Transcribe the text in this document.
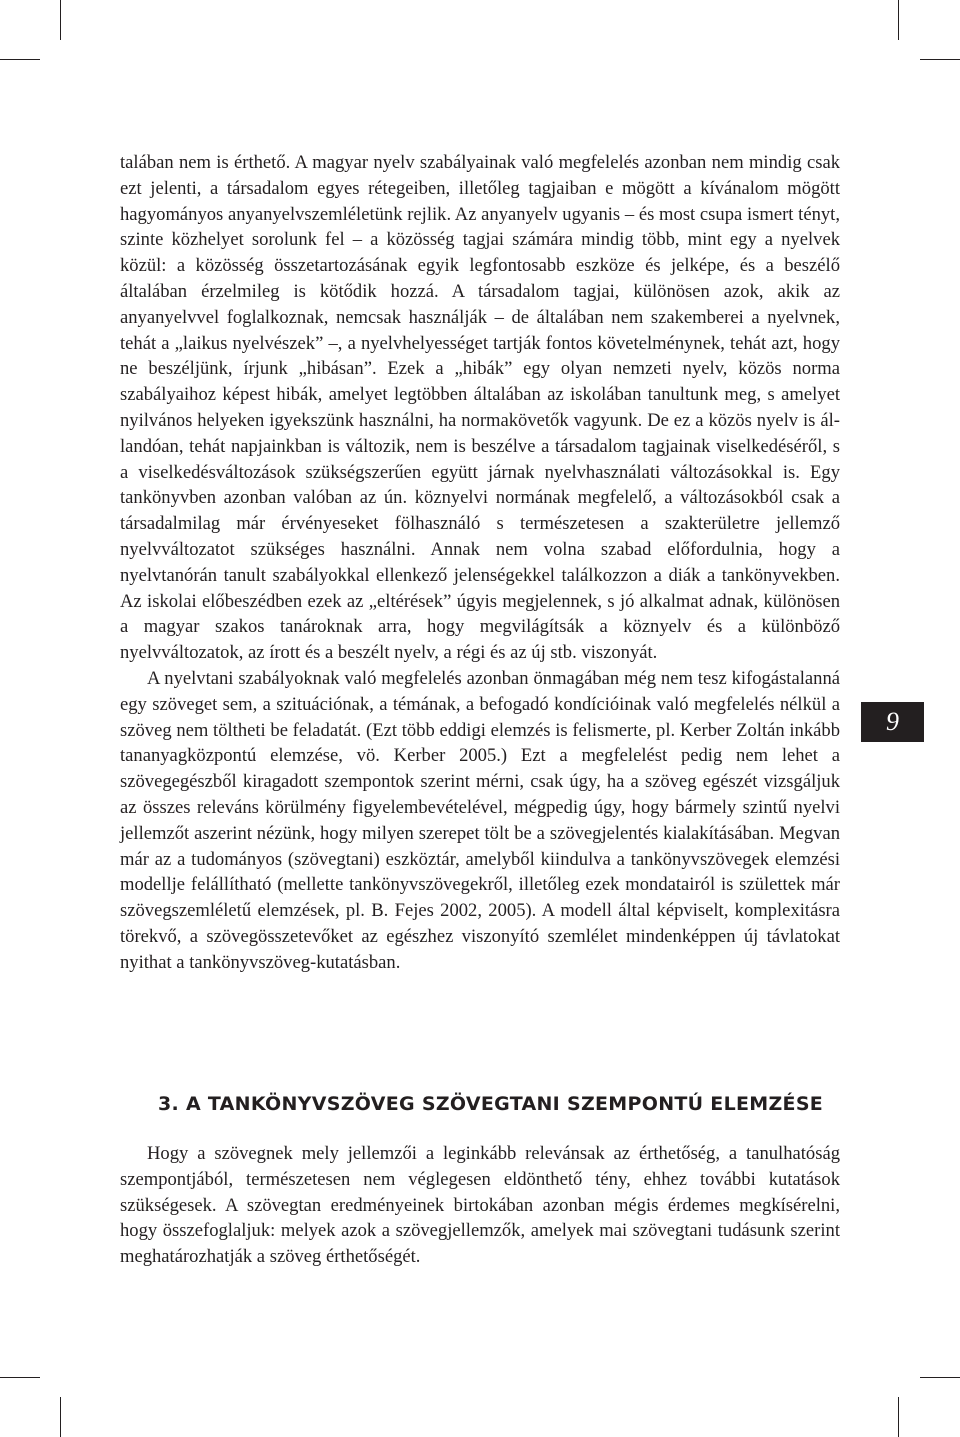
talában nem is érthető. A magyar nyelv szabályainak való megfelelés azonban nem mindig csak ezt jelenti, a társadalom egyes rétegeiben, illetőleg tagjaiban e mögött a kívánalom mögött hagyományos anyanyelvszemléletünk rejlik. Az anyanyelv ugyanis – és most csupa ismert tényt, szinte közhelyet sorolunk fel – a közösség tagjai számára mindig több, mint egy a nyelvek közül: a közösség összetartozásának egyik legfontosabb eszköze és jelképe, és a beszélő általában érzelmileg is kötődik hozzá. A társadalom tagjai, különösen azok, akik az anyanyelvvel foglalkoznak, nemcsak használják – de általában nem szakemberei a nyelvnek, tehát a „laikus nyelvészek” –, a nyelvhelyességet tartják fontos követelménynek, tehát azt, hogy ne beszéljünk, írjunk „hibásan”. Ezek a „hibák” egy olyan nemzeti nyelv, közös norma szabályaihoz képest hibák, amelyet legtöbben általában az iskolában tanultunk meg, s amelyet nyilvános helyeken igyekszünk használni, ha normakövetők vagyunk. De ez a közös nyelv is állandóan, tehát napjainkban is változik, nem is beszélve a társadalom tagjainak viselkedéséről, s a viselkedésváltozások szükségszerűen együtt járnak nyelvhasználati változásokkal is. Egy tankönyvben azonban valóban az ún. köznyelvi normának megfelelő, a változásokból csak a társadalmilag már érvényeseket fölhasználó s természetesen a szakterületre jellemző nyelvváltozatot szükséges használni. Annak nem volna szabad előfordulnia, hogy a nyelvtanórán tanult szabályokkal ellenkező jelenségekkel találkozzon a diák a tankönyvekben. Az iskolai előbeszédben ezek az „eltérések” úgyis megjelennek, s jó alkalmat adnak, különösen a magyar szakos tanároknak arra, hogy megvilágítsák a köznyelv és a különböző nyelvváltozatok, az írott és a beszélt nyelv, a régi és az új stb. viszonyát.

A nyelvtani szabályoknak való megfelelés azonban önmagában még nem tesz kifogástalanná egy szöveget sem, a szituációnak, a témának, a befogadó kondícióinak való megfelelés nélkül a szöveg nem töltheti be feladatát. (Ezt több eddigi elemzés is felismerte, pl. Kerber Zoltán inkább tananyagközpontú elemzése, vö. Kerber 2005.) Ezt a megfelelést pedig nem lehet a szövegegészből kiragadott szempontok szerint mérni, csak úgy, ha a szöveg egészét vizsgáljuk az összes releváns körülmény figyelembevételével, mégpedig úgy, hogy bármely szintű nyelvi jellemzőt aszerint nézünk, hogy milyen szerepet tölt be a szövegjelentés kialakításában. Megvan már az a tudományos (szövegtani) eszköztár, amelyből kiindulva a tankönyvszövegek elemzési modellje felállítható (mellette tankönyvszövegekről, illetőleg ezek mondatairól is születtek már szövegszemléletű elemzések, pl. B. Fejes 2002, 2005). A modell által képviselt, komplexitásra törekvő, a szövegösszetevőket az egészhez viszonyító szemlélet mindenképpen új távlatokat nyithat a tankönyvszöveg-kutatásban.

9
3. A TANKÖNYVSZÖVEG SZÖVEGTANI SZEMPONTÚ ELEMZÉSE

Hogy a szövegnek mely jellemzői a leginkább relevánsak az érthetőség, a tanulhatóság szempontjából, természetesen nem véglegesen eldönthető tény, ehhez további kutatások szükségesek. A szövegtan eredményeinek birtokában azonban mégis érdemes megkísérelni, hogy összefoglaljuk: melyek azok a szövegjellemzők, amelyek mai szövegtani tudásunk szerint meghatározhatják a szöveg érthetőségét.
